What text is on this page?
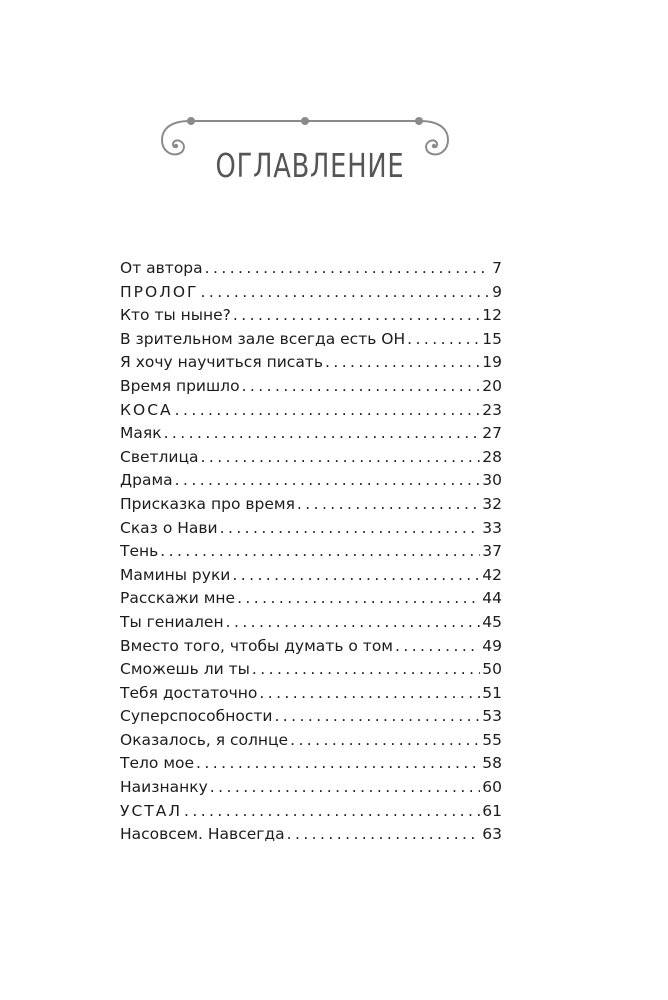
ОГЛАВЛЕНИЕ
От автора . . .	7
ПРОЛОГ . . .	9
Кто ты ныне? . . .	12
В зрительном зале всегда есть ОН . . .	15
Я хочу научиться писать . . .	19
Время пришло . . .	20
КОСА . . .	23
Маяк . . .	27
Светлица . . .	28
Драма . . .	30
Присказка про время . . .	32
Сказ о Нави . . .	33
Тень . . .	37
Мамины руки . . .	42
Расскажи мне . . .	44
Ты гениален . . .	45
Вместо того, чтобы думать о том . . .	49
Сможешь ли ты . . .	50
Тебя достаточно . . .	51
Суперспособности . . .	53
Оказалось, я солнце . . .	55
Тело мое . . .	58
Наизнанку . . .	60
УСТАЛ . . .	61
Насовсем. Навсегда . . .	63
